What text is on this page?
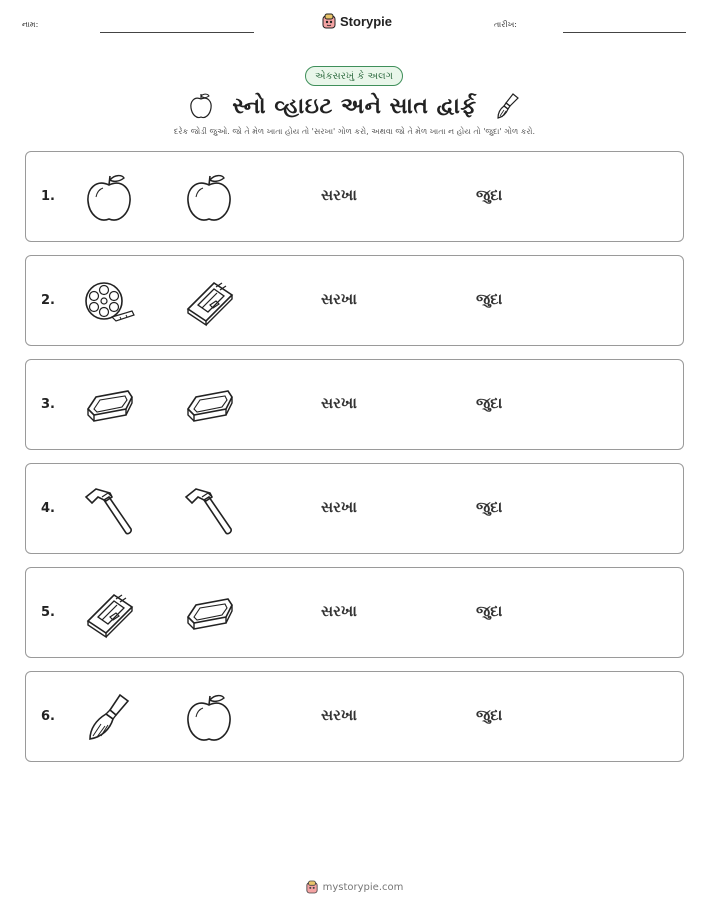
નામ:	Storypie	તારીખ:
એકસરખું કે અલગ
સ્નો વ્હાઇટ અને સાત દ્વાર્ફ
દરેક જોડી જુઓ. જો તે મેળ ખાતા હોય તો 'સરખા' ગોળ કરો, અથવા જો તે મેળ ખાતા ન હોય તો 'જુદા' ગોળ કરો.
1.	સરખા	જુદા
2.	સરખા	જુદા
3.	સરખા	જુદા
4.	સરખા	જુદા
5.	સરખા	જુદા
6.	સરખા	જુદા
mystorypie.com
